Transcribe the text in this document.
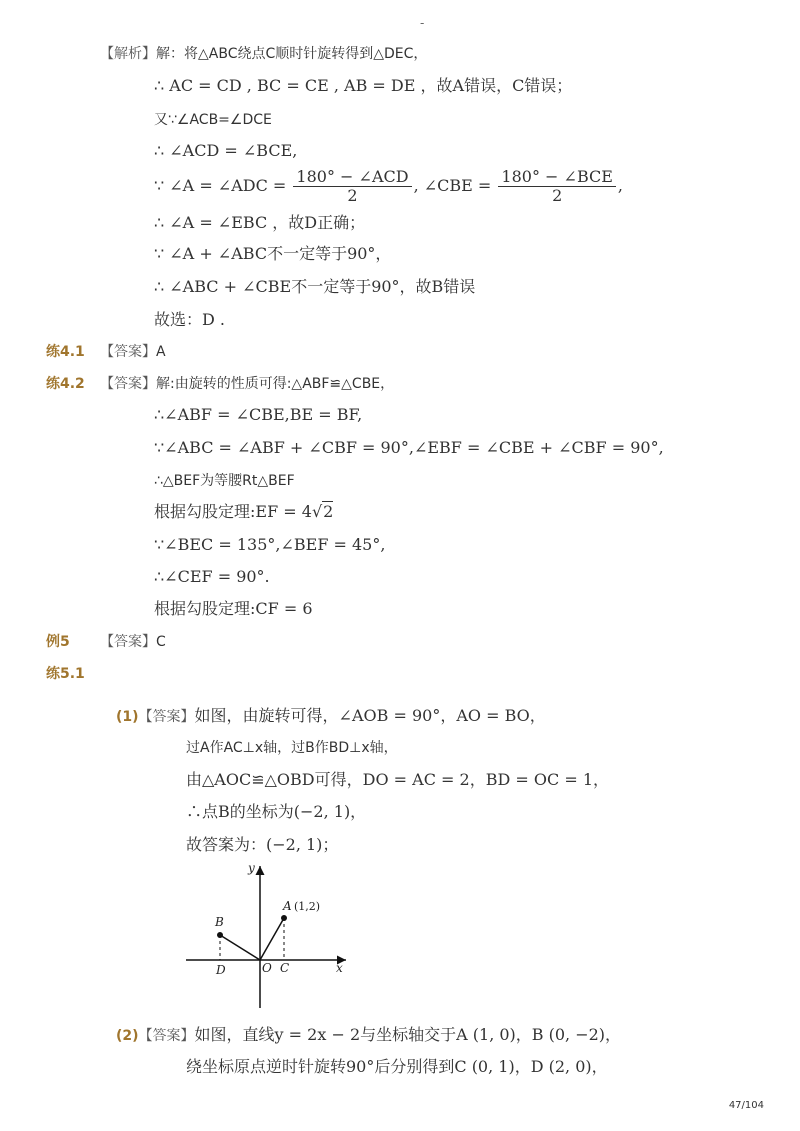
-
【解析】解：将△ABC绕点C顺时针旋转得到△DEC，
∴ AC = CD , BC = CE , AB = DE ，故A错误，C错误；
又∵∠ACB=∠DCE
∴ ∠ACD = ∠BCE,
∵ ∠A = ∠ADC = $\frac{\text{180° − ∠ACD}}{2}$ , ∠CBE = $\frac{\text{180° − ∠BCE}}{2}$ ,
∴ ∠A = ∠EBC ，故D正确；
∵ ∠A + ∠ABC不一定等于90°，
∴ ∠ABC + ∠CBE不一定等于90°，故B错误
故选：D .
练4.1 【答案】A
练4.2 【答案】解:由旋转的性质可得:△ABF≌△CBE，
∴∠ABF = ∠CBE,BE = BF,
∵∠ABC = ∠ABF + ∠CBF = 90°,∠EBF = ∠CBE + ∠CBF = 90°,
∴△BEF为等腰Rt△BEF
根据勾股定理:EF = 4√2
∵∠BEC = 135°,∠BEF = 45°,
∴∠CEF = 90°.
根据勾股定理:CF = 6
例5 【答案】C
练5.1
(1)【答案】如图，由旋转可得，∠AOB = 90°，AO = BO，
过A作AC⊥x轴，过B作BD⊥x轴，
由△AOC≌△OBD可得，DO = AC = 2，BD = OC = 1，
∴点B的坐标为(−2, 1)，
故答案为：(−2, 1)；
y
x
A (1,2)
B
D	O C
(2)【答案】如图，直线y = 2x − 2与坐标轴交于A (1, 0)，B (0, −2)，
绕坐标原点逆时针旋转90°后分别得到C (0, 1)，D (2, 0)，
47/104
